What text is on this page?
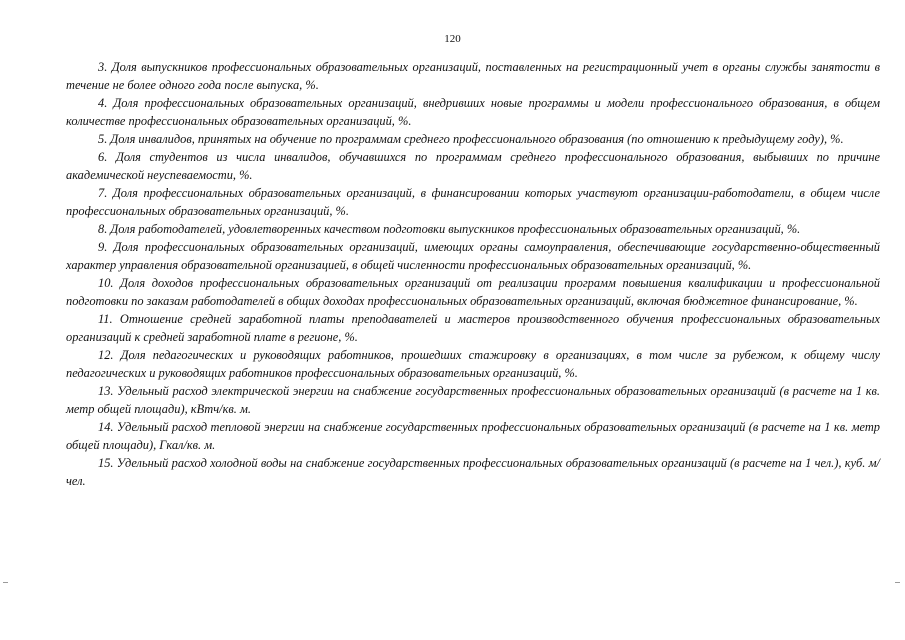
120

3. Доля выпускников профессиональных образовательных организаций, поставленных на регистрационный учет в органы службы занятости в течение не более одного года после выпуска, %.

4. Доля профессиональных образовательных организаций, внедривших новые программы и модели профессионального образования, в общем количестве профессиональных образовательных организаций, %.

5. Доля инвалидов, принятых на обучение по программам среднего профессионального образования (по отношению к предыдущему году), %.

6. Доля студентов из числа инвалидов, обучавшихся по программам среднего профессионального образования, выбывших по причине академической неуспеваемости, %.

7. Доля профессиональных образовательных организаций, в финансировании которых участвуют организации-работодатели, в общем числе профессиональных образовательных организаций, %.

8. Доля работодателей, удовлетворенных качеством подготовки выпускников профессиональных образовательных организаций, %.

9. Доля профессиональных образовательных организаций, имеющих органы самоуправления, обеспечивающие государственно-общественный характер управления образовательной организацией, в общей численности профессиональных образовательных организаций, %.

10. Доля доходов профессиональных образовательных организаций от реализации программ повышения квалификации и профессиональной подготовки по заказам работодателей в общих доходах профессиональных образовательных организаций, включая бюджетное финансирование, %.

11. Отношение средней заработной платы преподавателей и мастеров производственного обучения профессиональных образовательных организаций к средней заработной плате в регионе, %.

12. Доля педагогических и руководящих работников, прошедших стажировку в организациях, в том числе за рубежом, к общему числу педагогических и руководящих работников профессиональных образовательных организаций, %.

13. Удельный расход электрической энергии на снабжение государственных профессиональных образовательных организаций (в расчете на 1 кв. метр общей площади), кВтч/кв. м.

14. Удельный расход тепловой энергии на снабжение государственных профессиональных образовательных организаций (в расчете на 1 кв. метр общей площади), Гкал/кв. м.

15. Удельный расход холодной воды на снабжение государственных профессиональных образовательных организаций (в расчете на 1 чел.), куб. м/чел.
